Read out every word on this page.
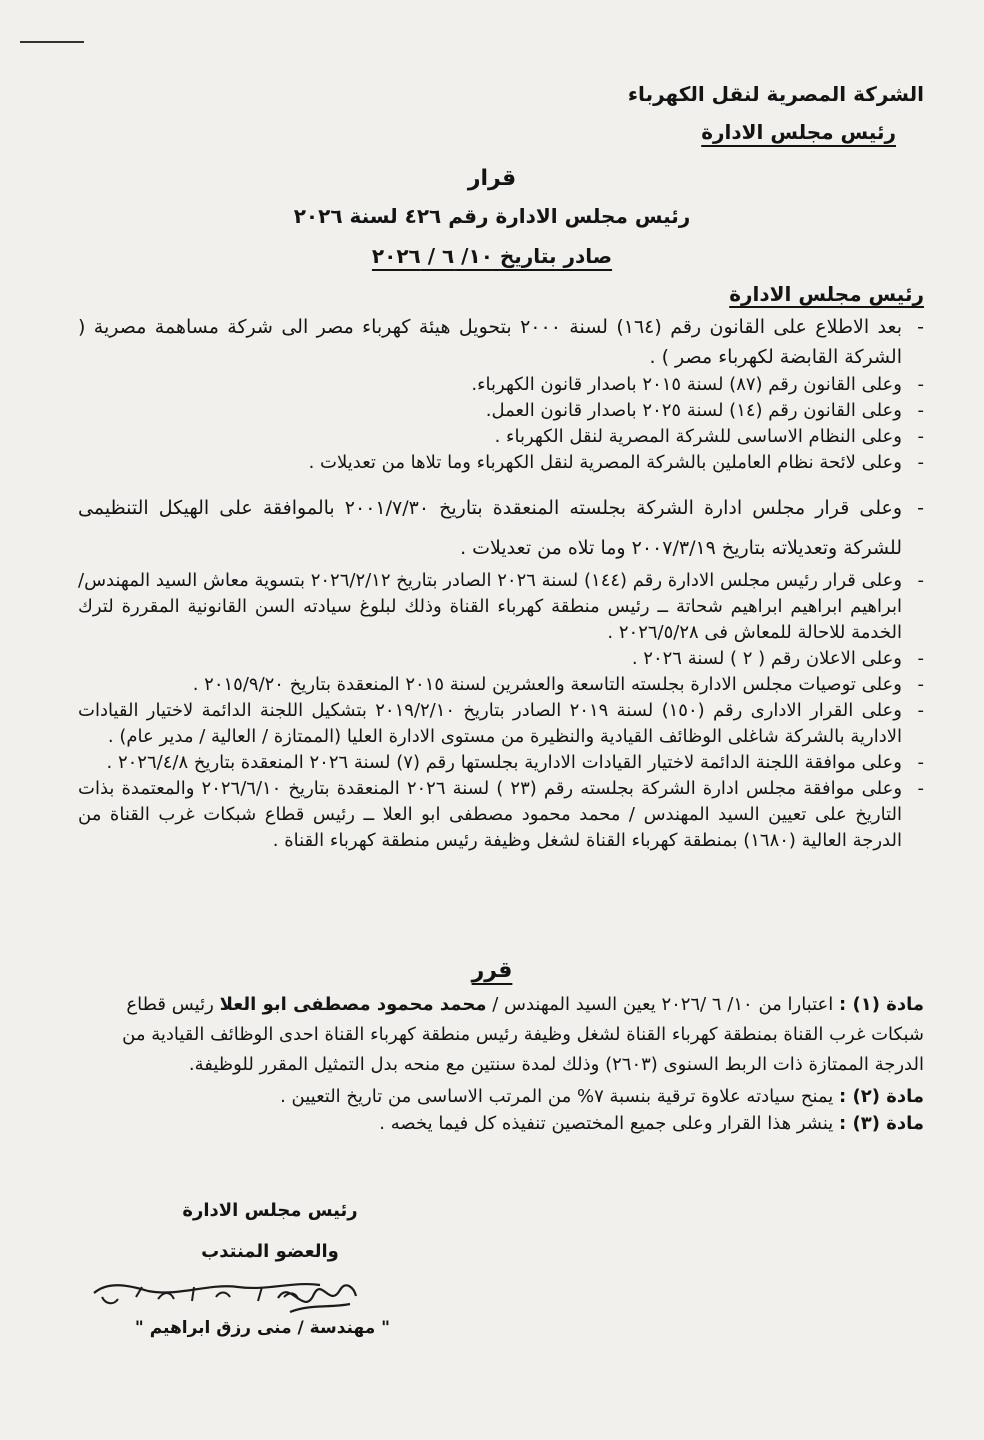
الشركة المصرية لنقل الكهرباء
رئيس مجلس الادارة
قرار
رئيس مجلس الادارة رقم ٤٢٦ لسنة ٢٠٢٦
صادر بتاريخ ١٠/ ٦ / ٢٠٢٦
رئيس مجلس الادارة
- بعد الاطلاع على القانون رقم (١٦٤) لسنة ٢٠٠٠ بتحويل هيئة كهرباء مصر الى شركة مساهمة مصرية ( الشركة القابضة لكهرباء مصر ) .
- وعلى القانون رقم (٨٧) لسنة ٢٠١٥ باصدار قانون الكهرباء.
- وعلى القانون رقم (١٤) لسنة ٢٠٢٥ باصدار قانون العمل.
- وعلى النظام الاساسى للشركة المصرية لنقل الكهرباء .
- وعلى لائحة نظام العاملين بالشركة المصرية لنقل الكهرباء وما تلاها من تعديلات .
- وعلى قرار مجلس ادارة الشركة بجلسته المنعقدة بتاريخ ٢٠٠١/٧/٣٠ بالموافقة على الهيكل التنظيمى للشركة وتعديلاته بتاريخ ٢٠٠٧/٣/١٩ وما تلاه من تعديلات .
- وعلى قرار رئيس مجلس الادارة رقم (١٤٤) لسنة ٢٠٢٦ الصادر بتاريخ ٢٠٢٦/٢/١٢ بتسوية معاش السيد المهندس/ ابراهيم ابراهيم ابراهيم شحاتة ــ رئيس منطقة كهرباء القناة وذلك لبلوغ سيادته السن القانونية المقررة لترك الخدمة للاحالة للمعاش فى ٢٠٢٦/٥/٢٨ .
- وعلى الاعلان رقم ( ٢ ) لسنة ٢٠٢٦ .
- وعلى توصيات مجلس الادارة بجلسته التاسعة والعشرين لسنة ٢٠١٥ المنعقدة بتاريخ ٢٠١٥/٩/٢٠ .
- وعلى القرار الادارى رقم (١٥٠) لسنة ٢٠١٩ الصادر بتاريخ ٢٠١٩/٢/١٠ بتشكيل اللجنة الدائمة لاختيار القيادات الادارية بالشركة شاغلى الوظائف القيادية والنظيرة من مستوى الادارة العليا (الممتازة / العالية / مدير عام) .
- وعلى موافقة اللجنة الدائمة لاختيار القيادات الادارية بجلستها رقم (٧) لسنة ٢٠٢٦ المنعقدة بتاريخ ٢٠٢٦/٤/٨ .
- وعلى موافقة مجلس ادارة الشركة بجلسته رقم (٢٣ ) لسنة ٢٠٢٦ المنعقدة بتاريخ ٢٠٢٦/٦/١٠ والمعتمدة بذات التاريخ على تعيين السيد المهندس / محمد محمود مصطفى ابو العلا ــ رئيس قطاع شبكات غرب القناة من الدرجة العالية (١٦٨٠) بمنطقة كهرباء القناة لشغل وظيفة رئيس منطقة كهرباء القناة .
قرر

مادة (١) : اعتبارا من ١٠/ ٦ /٢٠٢٦ يعين السيد المهندس / محمد محمود مصطفى ابو العلا رئيس قطاع شبكات غرب القناة بمنطقة كهرباء القناة لشغل وظيفة رئيس منطقة كهرباء القناة احدى الوظائف القيادية من الدرجة الممتازة ذات الربط السنوى (٢٦٠٣) وذلك لمدة سنتين مع منحه بدل التمثيل المقرر للوظيفة.

مادة (٢) : يمنح سيادته علاوة ترقية بنسبة ٧% من المرتب الاساسى من تاريخ التعيين .

مادة (٣) : ينشر هذا القرار وعلى جميع المختصين تنفيذه كل فيما يخصه .

رئيس مجلس الادارة
والعضو المنتدب
" مهندسة / منى رزق ابراهيم "
